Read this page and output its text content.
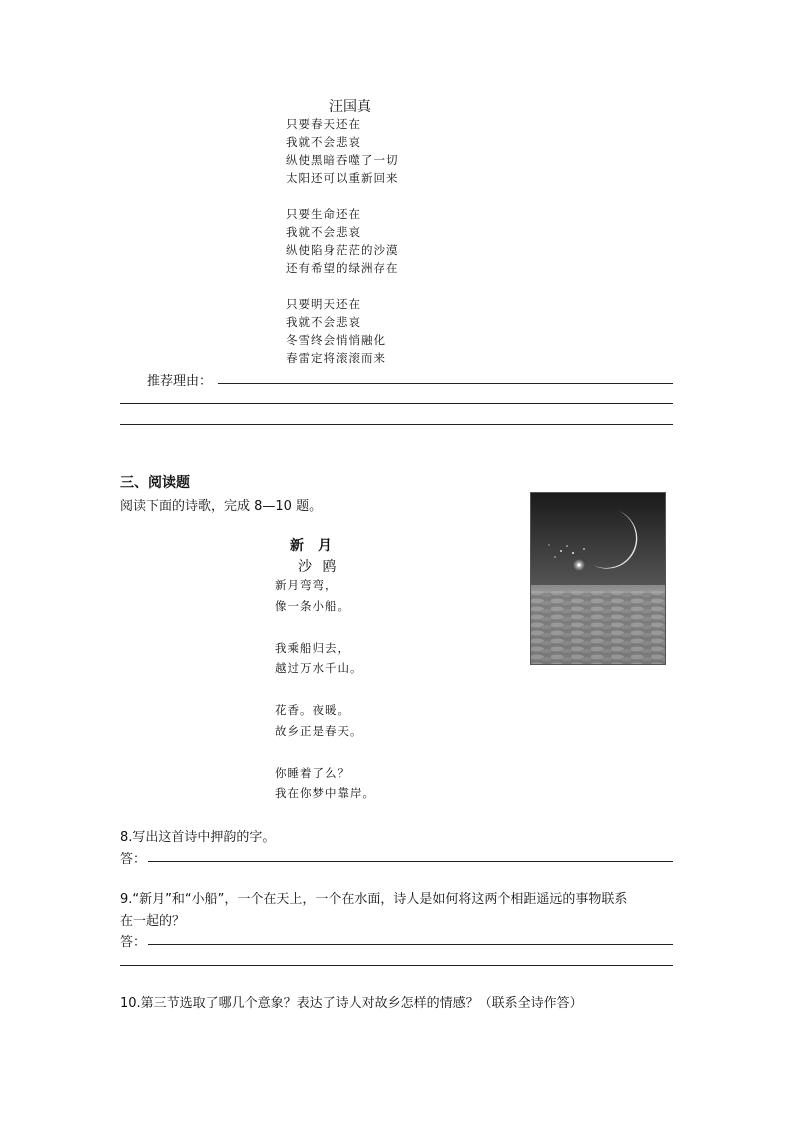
汪国真
只要春天还在
我就不会悲哀
纵使黑暗吞噬了一切
太阳还可以重新回来
只要生命还在
我就不会悲哀
纵使陷身茫茫的沙漠
还有希望的绿洲存在
只要明天还在
我就不会悲哀
冬雪终会悄悄融化
春雷定将滚滚而来
推荐理由：
三、阅读题
阅读下面的诗歌，完成 8—10 题。
新　月
沙 鸥
新月弯弯，
像一条小船。
我乘船归去，
越过万水千山。
花香。夜暖。
故乡正是春天。
你睡着了么？
我在你梦中靠岸。
8.写出这首诗中押韵的字。
答：
9.“新月”和“小船”，一个在天上，一个在水面，诗人是如何将这两个相距遥远的事物联系
在一起的？
答：
10.第三节选取了哪几个意象？表达了诗人对故乡怎样的情感？（联系全诗作答）
